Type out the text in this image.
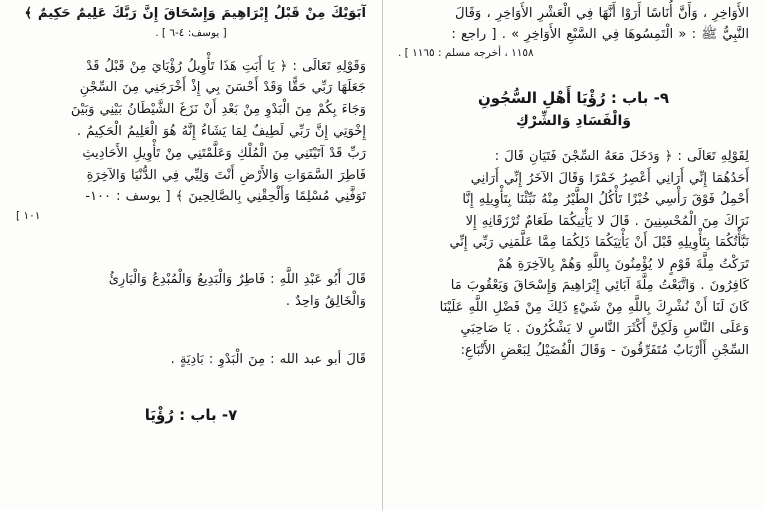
الأَوَاخِرِ ، وَأَنَّ أُنَاسًا أَرَوْا أَنَّهَا فِي الْعَشْرِ الأَوَاخِرِ ، وَقَالَ
النَّبِيُّ ﷺ : « الْتَمِسُوهَا فِي السَّبْعِ الأَوَاخِرِ » . [ راجع :
١١٥٨ ، أخرجه مسلم : ١١٦٥ ] .
٩- باب : رُؤْيَا أَهْلِ السُّجُونِ
وَالْفَسَادِ وَالشِّرْكِ
لِقَوْلِهِ تَعَالَى : ﴿ وَدَخَلَ مَعَهُ السِّجْنَ فَتَيَانِ قَالَ :
أَحَدُهُمَا إِنِّي أَرَانِي أَعْصِرُ خَمْرًا وَقَالَ الآخَرُ إِنِّي أَرَانِي
أَحْمِلُ فَوْقَ رَأْسِي خُبْزًا تَأْكُلُ الطَّيْرُ مِنْهُ نَبِّئْنَا بِتَأْوِيلِهِ إِنَّا
نَرَاكَ مِنَ الْمُحْسِنِينَ . قَالَ لا يَأْتِيكُمَا طَعَامٌ تُرْزَقَانِهِ إِلا
نَبَّأْتُكُمَا بِتَأْوِيلِهِ قَبْلَ أَنْ يَأْتِيَكُمَا ذَلِكُمَا مِمَّا عَلَّمَنِي رَبِّي إِنِّي
تَرَكْتُ مِلَّةَ قَوْمٍ لا يُؤْمِنُونَ بِاللَّهِ وَهُمْ بِالآخِرَةِ هُمْ
كَافِرُونَ . وَاتَّبَعْتُ مِلَّةَ آبَائِي إِبْرَاهِيمَ وَإِسْحَاقَ وَيَعْقُوبَ مَا
كَانَ لَنَا أَنْ نُشْرِكَ بِاللَّهِ مِنْ شَيْءٍ ذَلِكَ مِنْ فَضْلِ اللَّهِ عَلَيْنَا
وَعَلَى النَّاسِ وَلَكِنَّ أَكْثَرَ النَّاسِ لا يَشْكُرُونَ . يَا صَاحِبَيِ
السِّجْنِ أَأَرْبَابٌ مُتَفَرِّقُونَ - وَقَالَ الْفُضَيْلُ لِبَعْضِ الأَتْبَاعِ:
آبَوَيْكَ مِنْ قَبْلُ إِبْرَاهِيمَ وَإِسْحَاقَ إِنَّ رَبَّكَ عَلِيمٌ حَكِيمٌ ﴾
[ يوسف: ٤-٦ ] .
وَقَوْلِهِ تَعَالَى : ﴿ يَا أَبَتِ هَذَا تَأْوِيلُ رُؤْيَايَ مِنْ قَبْلُ قَدْ
جَعَلَهَا رَبِّي حَقًّا وَقَدْ أَحْسَنَ بِي إِذْ أَخْرَجَنِي مِنَ السِّجْنِ
وَجَاءَ بِكُمْ مِنَ الْبَدْوِ مِنْ بَعْدِ أَنْ نَزَغَ الشَّيْطَانُ بَيْنِي وَبَيْنَ
إِخْوَتِي إِنَّ رَبِّي لَطِيفٌ لِمَا يَشَاءُ إِنَّهُ هُوَ الْعَلِيمُ الْحَكِيمُ .
رَبِّ قَدْ آتَيْتَنِي مِنَ الْمُلْكِ وَعَلَّمْتَنِي مِنْ تَأْوِيلِ الأَحَادِيثِ
فَاطِرَ السَّمَوَاتِ وَالأَرْضِ أَنْتَ وَلِيِّي فِي الدُّنْيَا وَالآخِرَةِ
تَوَفَّنِي مُسْلِمًا وَأَلْحِقْنِي بِالصَّالِحِينَ ﴾ [ يوسف : ١٠٠-
١٠١ ]
قَالَ أَبُو عَبْدِ اللَّهِ : فَاطِرٌ وَالْبَدِيعُ وَالْمُبْدِعُ وَالْبَارِئُ
وَالْخَالِقُ وَاحِدٌ .
قَالَ أبو عبد الله : مِنَ الْبَدْوِ : بَادِيَةٍ .
٧- باب : رُؤْيَا
